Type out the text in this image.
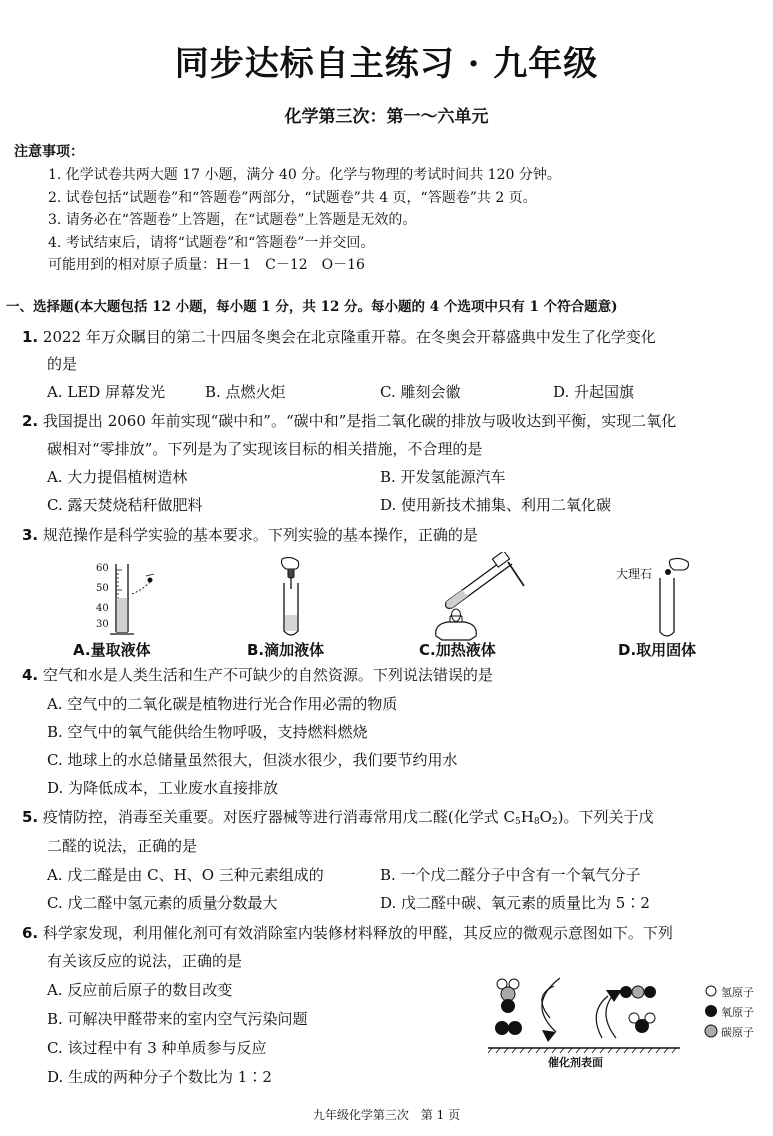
同步达标自主练习 · 九年级
化学第三次：第一～六单元
注意事项：
1. 化学试卷共两大题 17 小题，满分 40 分。化学与物理的考试时间共 120 分钟。
2. 试卷包括“试题卷”和“答题卷”两部分，“试题卷”共 4 页，“答题卷”共 2 页。
3. 请务必在“答题卷”上答题，在“试题卷”上答题是无效的。
4. 考试结束后，请将“试题卷”和“答题卷”一并交回。
可能用到的相对原子质量：H－1　C－12　O－16
一、选择题(本大题包括 12 小题，每小题 1 分，共 12 分。每小题的 4 个选项中只有 1 个符合题意)
1. 2022 年万众瞩目的第二十四届冬奥会在北京隆重开幕。在冬奥会开幕盛典中发生了化学变化
的是
A. LED 屏幕发光	B. 点燃火炬	C. 雕刻会徽	D. 升起国旗
2. 我国提出 2060 年前实现“碳中和”。“碳中和”是指二氧化碳的排放与吸收达到平衡，实现二氧化
碳相对“零排放”。下列是为了实现该目标的相关措施，不合理的是
A. 大力提倡植树造林	B. 开发氢能源汽车
C. 露天焚烧秸秆做肥料	D. 使用新技术捕集、利用二氧化碳
3. 规范操作是科学实验的基本要求。下列实验的基本操作，正确的是
60
50
40
30
大理石
A.量取液体	B.滴加液体	C.加热液体	D.取用固体
4. 空气和水是人类生活和生产不可缺少的自然资源。下列说法错误的是
A. 空气中的二氧化碳是植物进行光合作用必需的物质
B. 空气中的氧气能供给生物呼吸，支持燃料燃烧
C. 地球上的水总储量虽然很大，但淡水很少，我们要节约用水
D. 为降低成本，工业废水直接排放
5. 疫情防控，消毒至关重要。对医疗器械等进行消毒常用戊二醛(化学式 $C_5H_8O_2$)。下列关于戊
二醛的说法，正确的是
A. 戊二醛是由 C、H、O 三种元素组成的	B. 一个戊二醛分子中含有一个氧气分子
C. 戊二醛中氢元素的质量分数最大	D. 戊二醛中碳、氧元素的质量比为 5∶2
6. 科学家发现，利用催化剂可有效消除室内装修材料释放的甲醛，其反应的微观示意图如下。下列
有关该反应的说法，正确的是
A. 反应前后原子的数目改变
B. 可解决甲醛带来的室内空气污染问题
C. 该过程中有 3 种单质参与反应
D. 生成的两种分子个数比为 1∶2
催化剂表面
氢原子
氧原子
碳原子
九年级化学第三次　第 1 页
